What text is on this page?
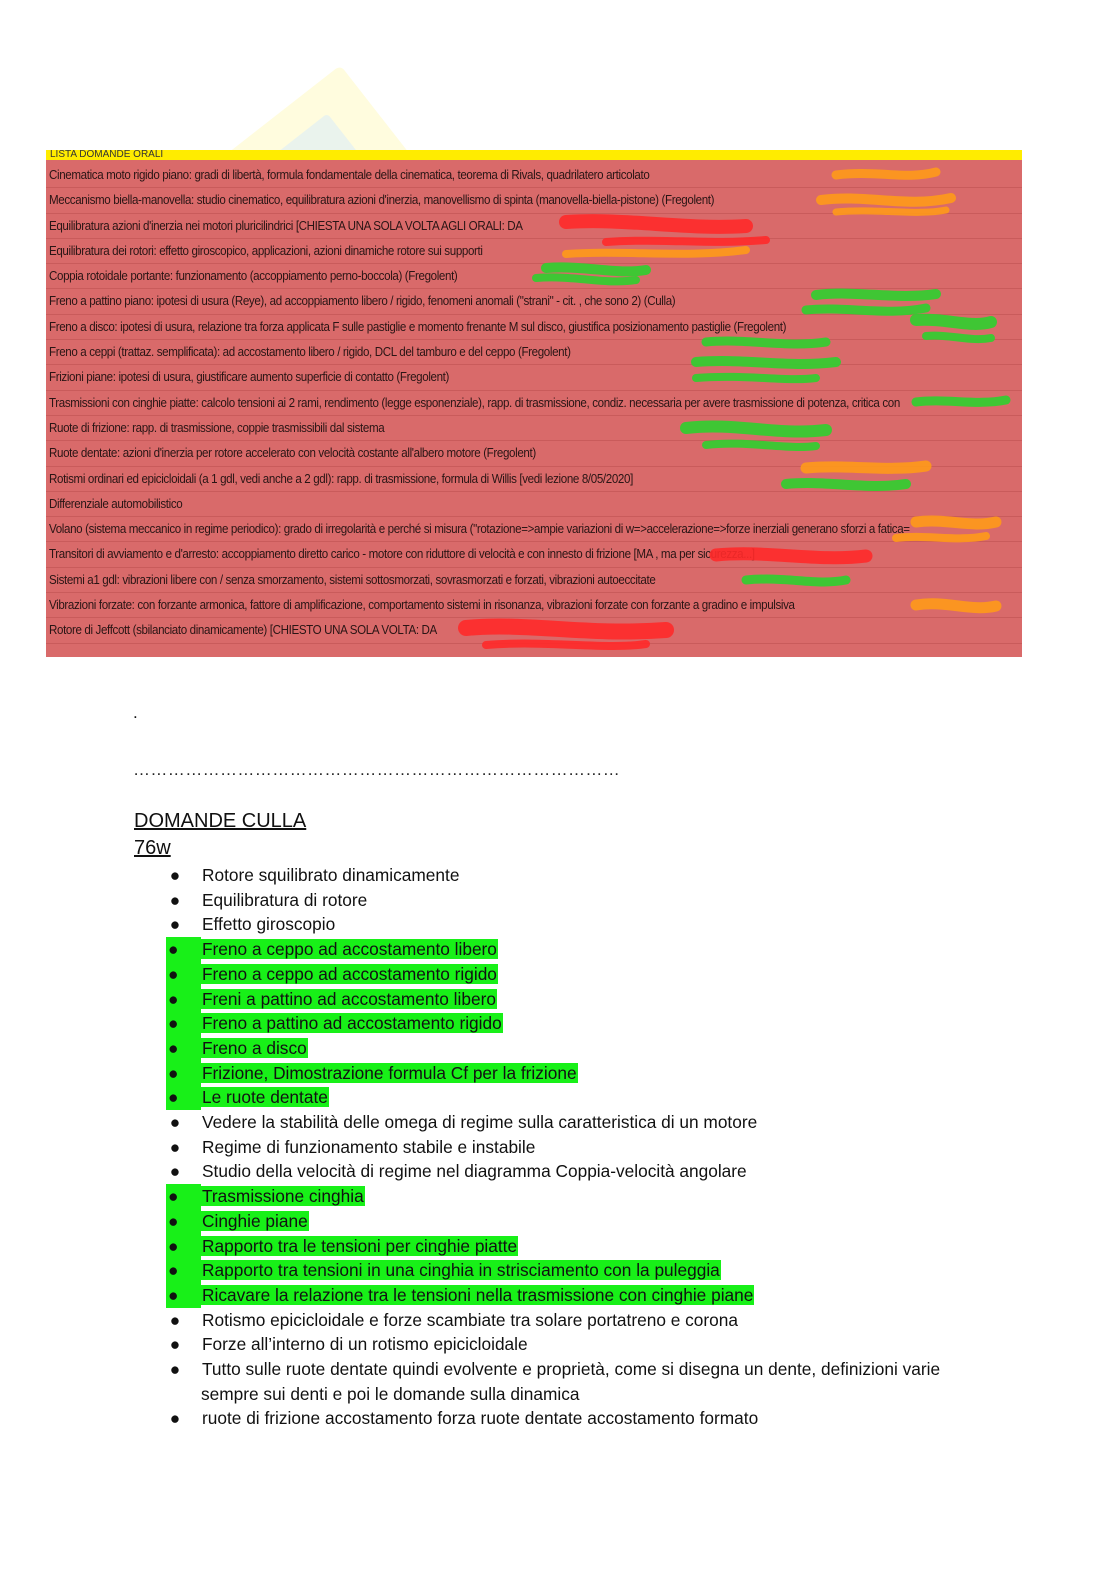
LISTA DOMANDE ORALI
Cinematica moto rigido piano: gradi di libertà, formula fondamentale della cinematica, teorema di Rivals, quadrilatero articolato
Meccanismo biella-manovella: studio cinematico, equilibratura azioni d'inerzia, manovellismo di spinta (manovella-biella-pistone) (Fregolent)
Equilibratura azioni d'inerzia nei motori pluricilindrici [CHIESTA UNA SOLA VOLTA AGLI ORALI: DA
Equilibratura dei rotori: effetto giroscopico, applicazioni, azioni dinamiche rotore sui supporti
Coppia rotoidale portante: funzionamento (accoppiamento perno-boccola) (Fregolent)
Freno a pattino piano: ipotesi di usura (Reye), ad accoppiamento libero / rigido, fenomeni anomali ("strani" - cit. , che sono 2) (Culla)
Freno a disco: ipotesi di usura, relazione tra forza applicata F sulle pastiglie e momento frenante M sul disco, giustifica posizionamento pastiglie (Fregolent)
Freno a ceppi (trattaz. semplificata): ad accostamento libero / rigido, DCL del tamburo e del ceppo (Fregolent)
Frizioni piane: ipotesi di usura, giustificare aumento superficie di contatto (Fregolent)
Trasmissioni con cinghie piatte: calcolo tensioni ai 2 rami, rendimento (legge esponenziale), rapp. di trasmissione, condiz. necessaria per avere trasmissione di potenza, critica con
Ruote di frizione: rapp. di trasmissione, coppie trasmissibili dal sistema
Ruote dentate: azioni d'inerzia per rotore accelerato con velocità costante all'albero motore (Fregolent)
Rotismi ordinari ed epicicloidali (a 1 gdl, vedi anche a 2 gdl): rapp. di trasmissione, formula di Willis [vedi lezione 8/05/2020]
Differenziale automobilistico
Volano (sistema meccanico in regime periodico): grado di irregolarità e perché si misura ("rotazione=>ampie variazioni di w=>accelerazione=>forze inerziali generano sforzi a fatica=
Transitori di avviamento e d'arresto: accoppiamento diretto carico - motore con riduttore di velocità e con innesto di frizione [MA , ma per sicurezza...]
Sistemi a1 gdl: vibrazioni libere con / senza smorzamento, sistemi sottosmorzati, sovrasmorzati e forzati, vibrazioni autoeccitate
Vibrazioni forzate: con forzante armonica, fattore di amplificazione, comportamento sistemi in risonanza, vibrazioni forzate con forzante a gradino e impulsiva
Rotore di Jeffcott (sbilanciato dinamicamente) [CHIESTO UNA SOLA VOLTA: DA
.
…………………………………………………………………………
DOMANDE CULLA
76w
● Rotore squilibrato dinamicamente
● Equilibratura di rotore
● Effetto giroscopio
●	Freno a ceppo ad accostamento libero
●	Freno a ceppo ad accostamento rigido
●	Freni a pattino ad accostamento libero
●	Freno a pattino ad accostamento rigido
●	Freno a disco
●	Frizione, Dimostrazione formula Cf per la frizione
●	Le ruote dentate
● Vedere la stabilità delle omega di regime sulla caratteristica di un motore
● Regime di funzionamento stabile e instabile
● Studio della velocità di regime nel diagramma Coppia-velocità angolare
●	Trasmissione cinghia
●	Cinghie piane
●	Rapporto tra le tensioni per cinghie piatte
●	Rapporto tra tensioni in una cinghia in strisciamento con la puleggia
●	Ricavare la relazione tra le tensioni nella trasmissione con cinghie piane
● Rotismo epicicloidale e forze scambiate tra solare portatreno e corona
● Forze all’interno di un rotismo epicicloidale
● Tutto sulle ruote dentate quindi evolvente e proprietà, come si disegna un dente, definizioni varie sempre sui denti e poi le domande sulla dinamica
● ruote di frizione accostamento forza ruote dentate accostamento formato
